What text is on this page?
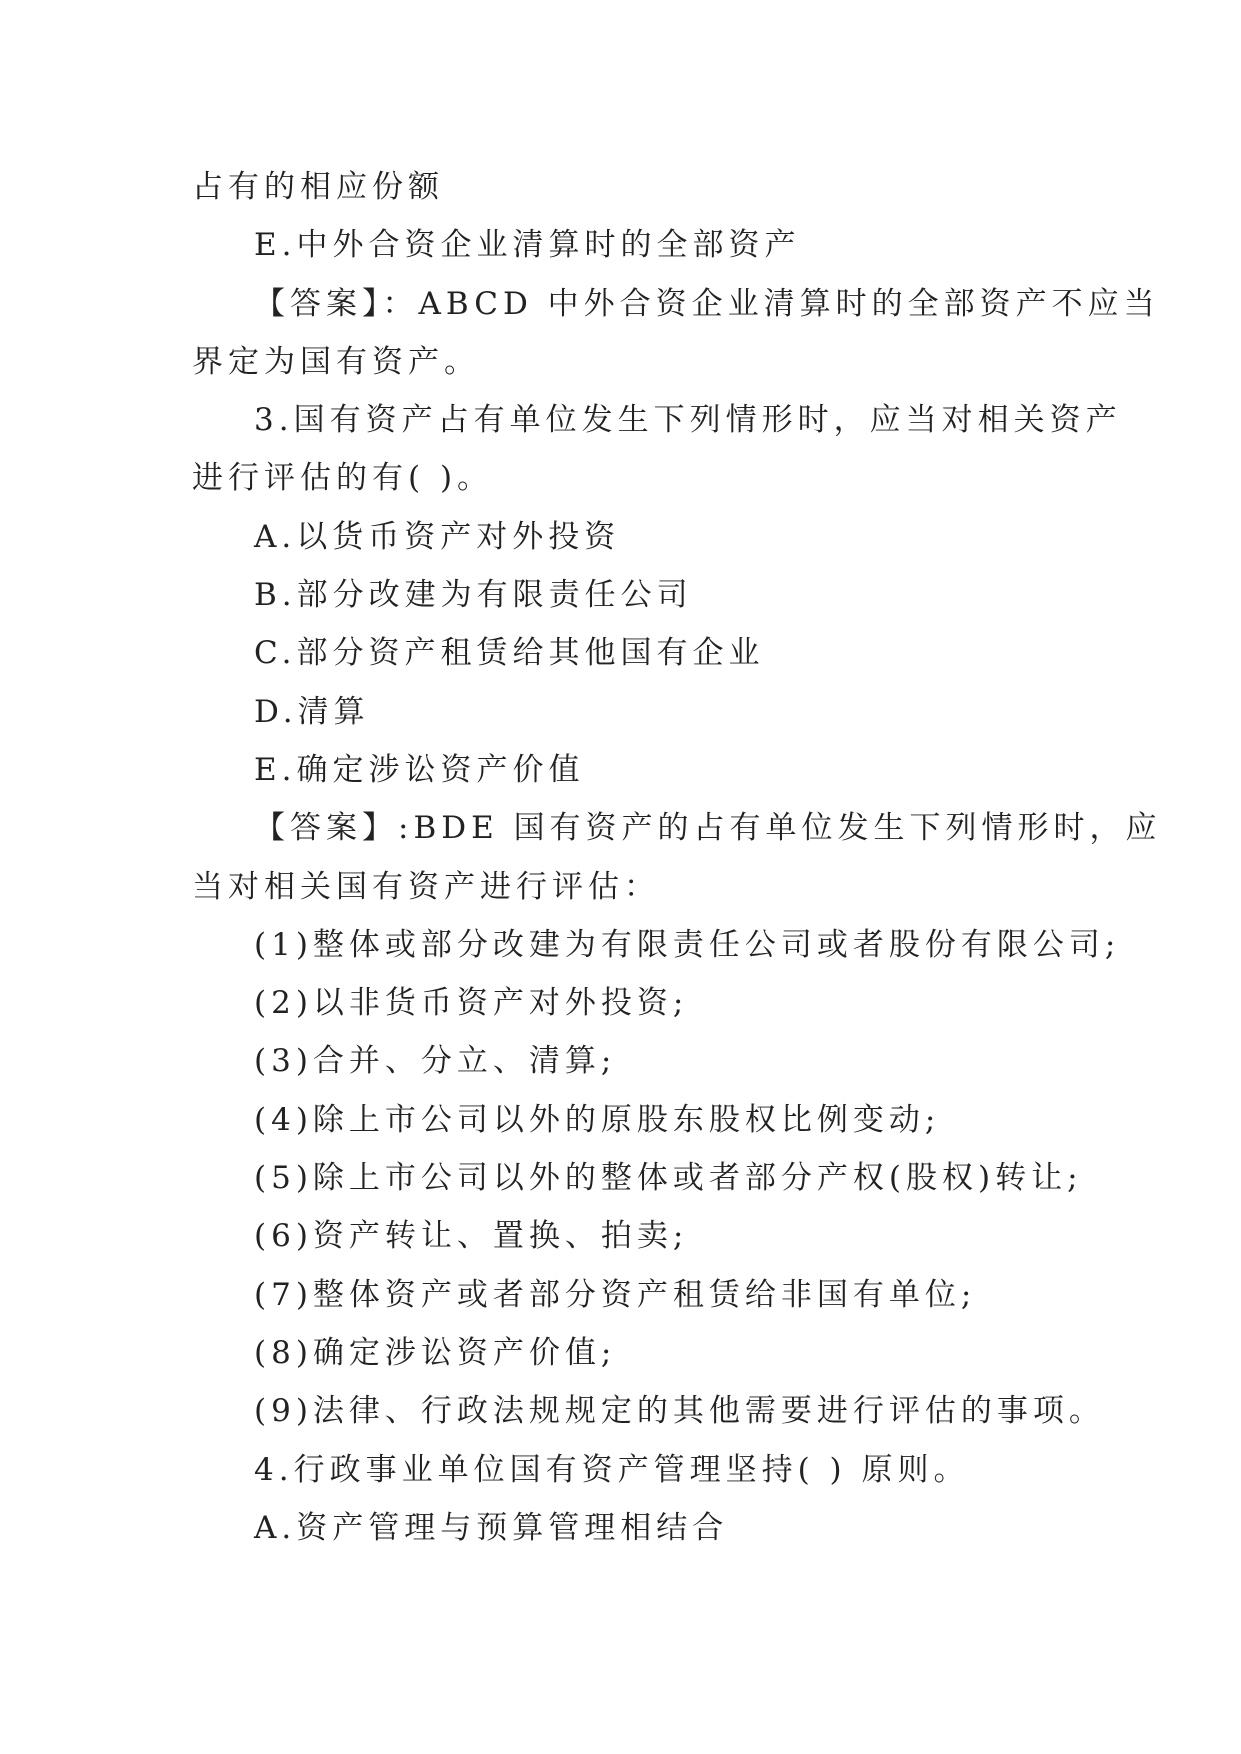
占有的相应份额
E.中外合资企业清算时的全部资产
【答案】：ABCD 中外合资企业清算时的全部资产不应当
界定为国有资产。
3.国有资产占有单位发生下列情形时，应当对相关资产
进行评估的有( )。
A.以货币资产对外投资
B.部分改建为有限责任公司
C.部分资产租赁给其他国有企业
D.清算
E.确定涉讼资产价值
【答案】:BDE 国有资产的占有单位发生下列情形时，应
当对相关国有资产进行评估：
(1)整体或部分改建为有限责任公司或者股份有限公司;
(2)以非货币资产对外投资;
(3)合并、分立、清算;
(4)除上市公司以外的原股东股权比例变动;
(5)除上市公司以外的整体或者部分产权(股权)转让;
(6)资产转让、置换、拍卖;
(7)整体资产或者部分资产租赁给非国有单位;
(8)确定涉讼资产价值;
(9)法律、行政法规规定的其他需要进行评估的事项。
4.行政事业单位国有资产管理坚持( ) 原则。
A.资产管理与预算管理相结合
